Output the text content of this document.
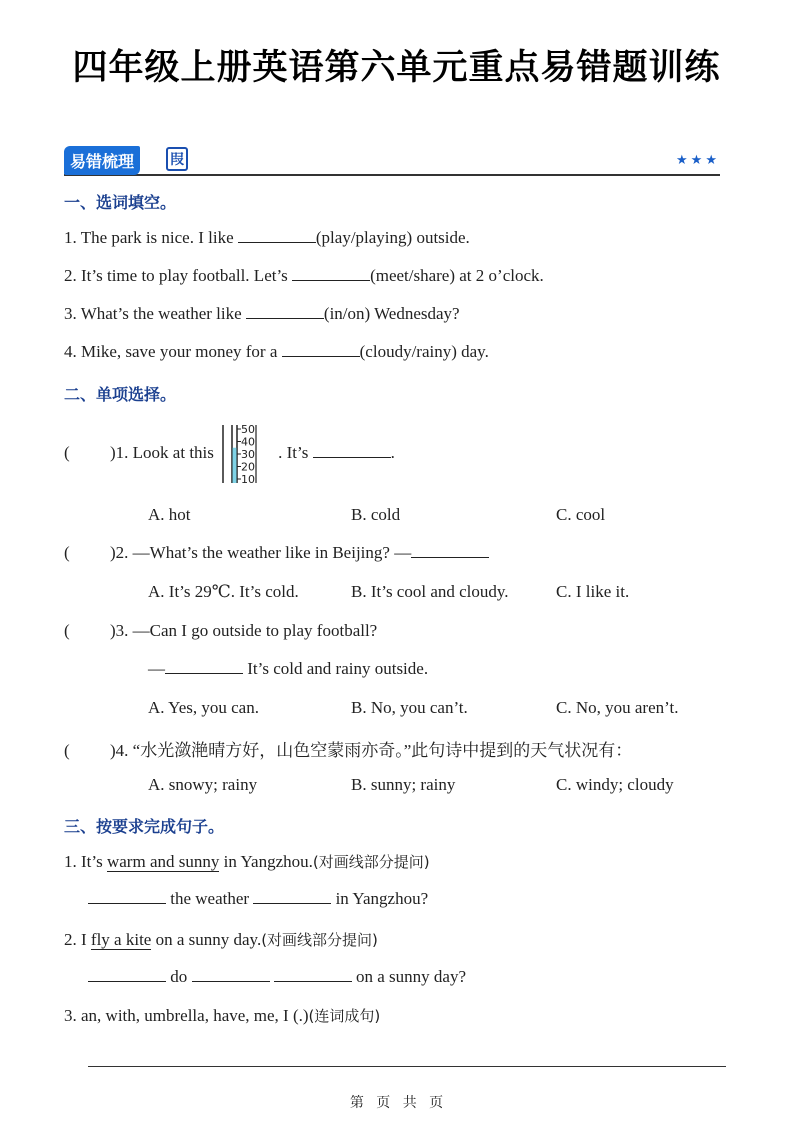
四年级上册英语第六单元重点易错题训练
易错梳理	叚	★★★
一、选词填空。
1. The park is nice. I like	(play/playing) outside.
2. It’s time to play football. Let’s	(meet/share) at 2 o’clock.
3. What’s the weather like	(in/on) Wednesday?
4. Mike, save your money for a	(cloudy/rainy) day.
二、单项选择。
( )1. Look at this
50
40
30
20
10
. It’s	.
A. hot	B. cold	C. cool
( )2. —What’s the weather like in Beijing? —
A. It’s 29℃. It’s cold.	B. It’s cool and cloudy.	C. I like it.
( )3. —Can I go outside to play football?
—	It’s cold and rainy outside.
A. Yes, you can.	B. No, you can’t.	C. No, you aren’t.
( )4. “水光潋滟晴方好，山色空蒙雨亦奇。”此句诗中提到的天气状况有：
A. snowy; rainy	B. sunny; rainy	C. windy; cloudy
三、按要求完成句子。
1. It’s warm and sunny in Yangzhou.(对画线部分提问)
the weather	in Yangzhou?
2. I fly a kite on a sunny day.(对画线部分提问)
do	on a sunny day?
3. an, with, umbrella, have, me, I (.)(连词成句)
第 页 共 页
